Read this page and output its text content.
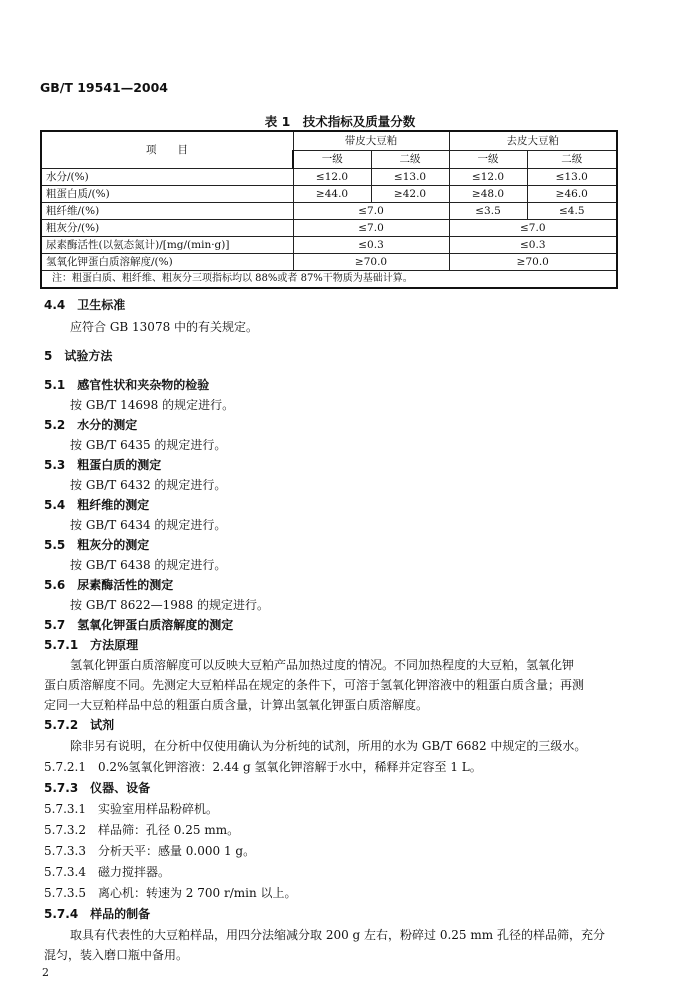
GB/T 19541—2004
表 1　技术指标及质量分数
项　　目	带皮大豆粕		去皮大豆粕	
	一级	二级	一级	二级
水分/(%)	≤12.0	≤13.0	≤12.0	≤13.0
粗蛋白质/(%)	≥44.0	≥42.0	≥48.0	≥46.0
粗纤维/(%)	≤7.0		≤3.5	≤4.5
粗灰分/(%)	≤7.0		≤7.0	
尿素酶活性(以氨态氮计)/[mg/(min·g)]	≤0.3		≤0.3	
氢氧化钾蛋白质溶解度/(%)	≥70.0		≥70.0	
注：粗蛋白质、粗纤维、粗灰分三项指标均以 88%或者 87%干物质为基础计算。				
4.4　卫生标准
应符合 GB 13078 中的有关规定。
5　试验方法
5.1　感官性状和夹杂物的检验
按 GB/T 14698 的规定进行。
5.2　水分的测定
按 GB/T 6435 的规定进行。
5.3　粗蛋白质的测定
按 GB/T 6432 的规定进行。
5.4　粗纤维的测定
按 GB/T 6434 的规定进行。
5.5　粗灰分的测定
按 GB/T 6438 的规定进行。
5.6　尿素酶活性的测定
按 GB/T 8622—1988 的规定进行。
5.7　氢氧化钾蛋白质溶解度的测定
5.7.1　方法原理
氢氧化钾蛋白质溶解度可以反映大豆粕产品加热过度的情况。不同加热程度的大豆粕，氢氧化钾
蛋白质溶解度不同。先测定大豆粕样品在规定的条件下，可溶于氢氧化钾溶液中的粗蛋白质含量；再测
定同一大豆粕样品中总的粗蛋白质含量，计算出氢氧化钾蛋白质溶解度。
5.7.2　试剂
除非另有说明，在分析中仅使用确认为分析纯的试剂，所用的水为 GB/T 6682 中规定的三级水。
5.7.2.1　0.2%氢氧化钾溶液：2.44 g 氢氧化钾溶解于水中，稀释并定容至 1 L。
5.7.3　仪器、设备
5.7.3.1　实验室用样品粉碎机。
5.7.3.2　样品筛：孔径 0.25 mm。
5.7.3.3　分析天平：感量 0.000 1 g。
5.7.3.4　磁力搅拌器。
5.7.3.5　离心机：转速为 2 700 r/min 以上。
5.7.4　样品的制备
取具有代表性的大豆粕样品，用四分法缩减分取 200 g 左右，粉碎过 0.25 mm 孔径的样品筛，充分
混匀，装入磨口瓶中备用。
2
